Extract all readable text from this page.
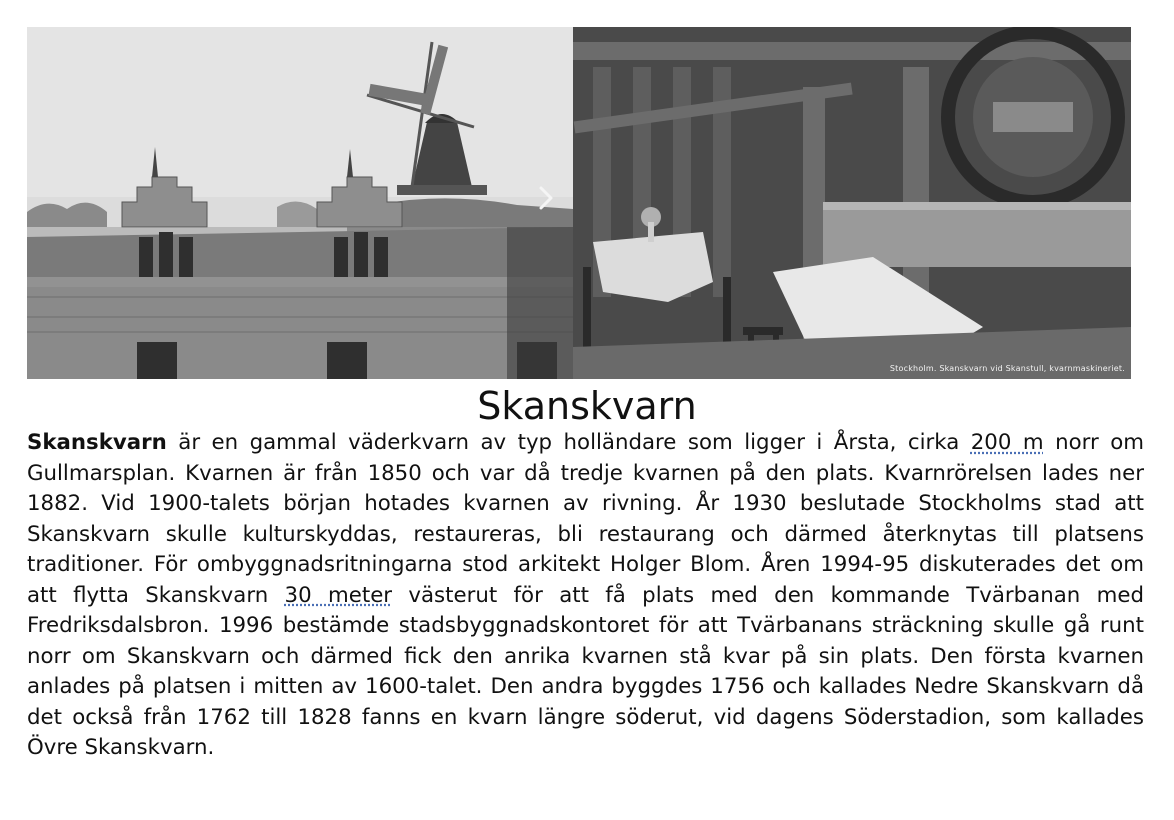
Stockholm. Skanskvarn vid Skanstull, kvarnmaskineriet.
Skanskvarn

Skanskvarn är en gammal väderkvarn av typ holländare som ligger i Årsta, cirka 200 m norr om Gullmarsplan. Kvarnen är från 1850 och var då tredje kvarnen på den plats. Kvarnrörelsen lades ner 1882. Vid 1900-talets början hotades kvarnen av rivning. År 1930 beslutade Stockholms stad att Skanskvarn skulle kulturskyddas, restaureras, bli restaurang och därmed återknytas till platsens traditioner. För ombyggnadsritningarna stod arkitekt Holger Blom. Åren 1994-95 diskuterades det om att flytta Skanskvarn 30 meter västerut för att få plats med den kommande Tvärbanan med Fredriksdalsbron. 1996 bestämde stadsbyggnadskontoret för att Tvärbanans sträckning skulle gå runt norr om Skanskvarn och därmed fick den anrika kvarnen stå kvar på sin plats. Den första kvarnen anlades på platsen i mitten av 1600-talet. Den andra byggdes 1756 och kallades Nedre Skanskvarn då det också från 1762 till 1828 fanns en kvarn längre söderut, vid dagens Söderstadion, som kallades Övre Skanskvarn.
